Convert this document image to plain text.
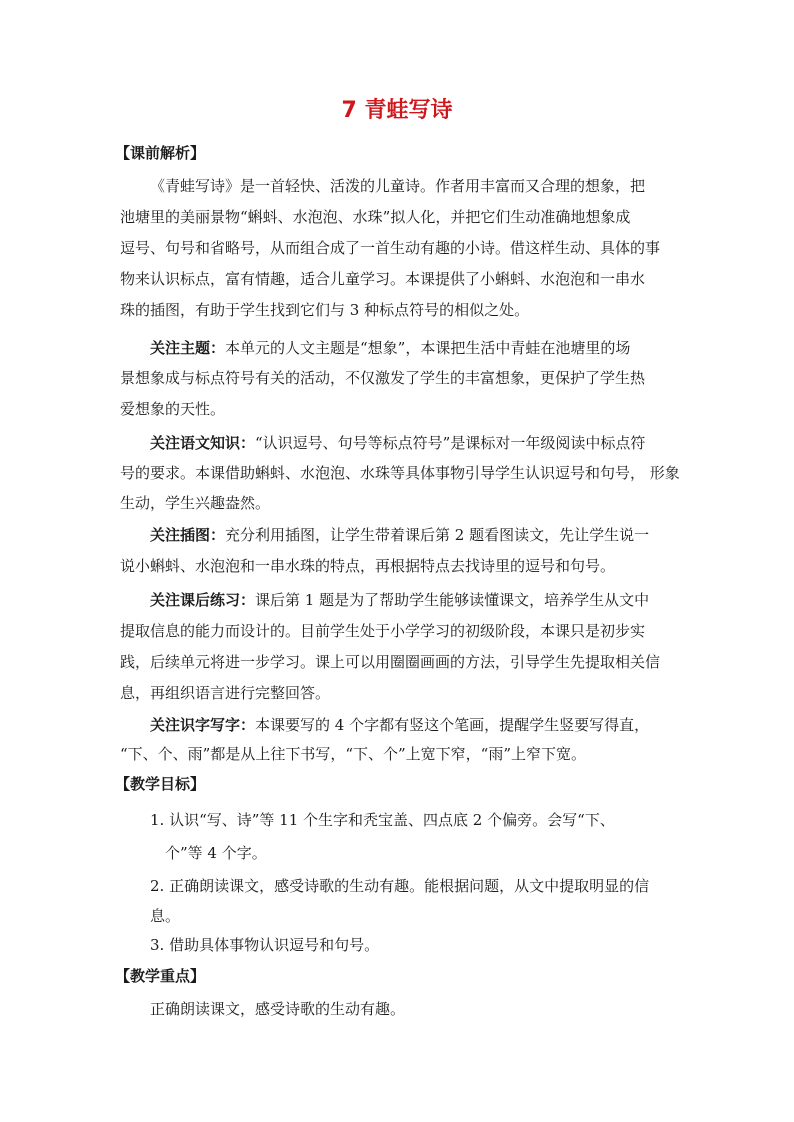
7 青蛙写诗
【课前解析】
《青蛙写诗》是一首轻快、活泼的儿童诗。作者用丰富而又合理的想象，把
池塘里的美丽景物“蝌蚪、水泡泡、水珠”拟人化，并把它们生动准确地想象成
逗号、句号和省略号，从而组合成了一首生动有趣的小诗。借这样生动、具体的事
物来认识标点，富有情趣，适合儿童学习。本课提供了小蝌蚪、水泡泡和一串水
珠的插图，有助于学生找到它们与 3 种标点符号的相似之处。
关注主题：本单元的人文主题是“想象”，本课把生活中青蛙在池塘里的场
景想象成与标点符号有关的活动，不仅激发了学生的丰富想象，更保护了学生热
爱想象的天性。
关注语文知识：“认识逗号、句号等标点符号”是课标对一年级阅读中标点符
号的要求。本课借助蝌蚪、水泡泡、水珠等具体事物引导学生认识逗号和句号， 形象
生动，学生兴趣盎然。
关注插图：充分利用插图，让学生带着课后第 2 题看图读文，先让学生说一
说小蝌蚪、水泡泡和一串水珠的特点，再根据特点去找诗里的逗号和句号。
关注课后练习：课后第 1 题是为了帮助学生能够读懂课文，培养学生从文中
提取信息的能力而设计的。目前学生处于小学学习的初级阶段，本课只是初步实
践，后续单元将进一步学习。课上可以用圈圈画画的方法，引导学生先提取相关信
息，再组织语言进行完整回答。
关注识字写字：本课要写的 4 个字都有竖这个笔画，提醒学生竖要写得直，
“下、个、雨”都是从上往下书写，“下、个”上宽下窄，“雨”上窄下宽。
【教学目标】
1. 认识“写、诗”等 11 个生字和秃宝盖、四点底 2 个偏旁。会写“下、
个”等 4 个字。
2. 正确朗读课文，感受诗歌的生动有趣。能根据问题，从文中提取明显的信
息。
3. 借助具体事物认识逗号和句号。
【教学重点】
正确朗读课文，感受诗歌的生动有趣。
